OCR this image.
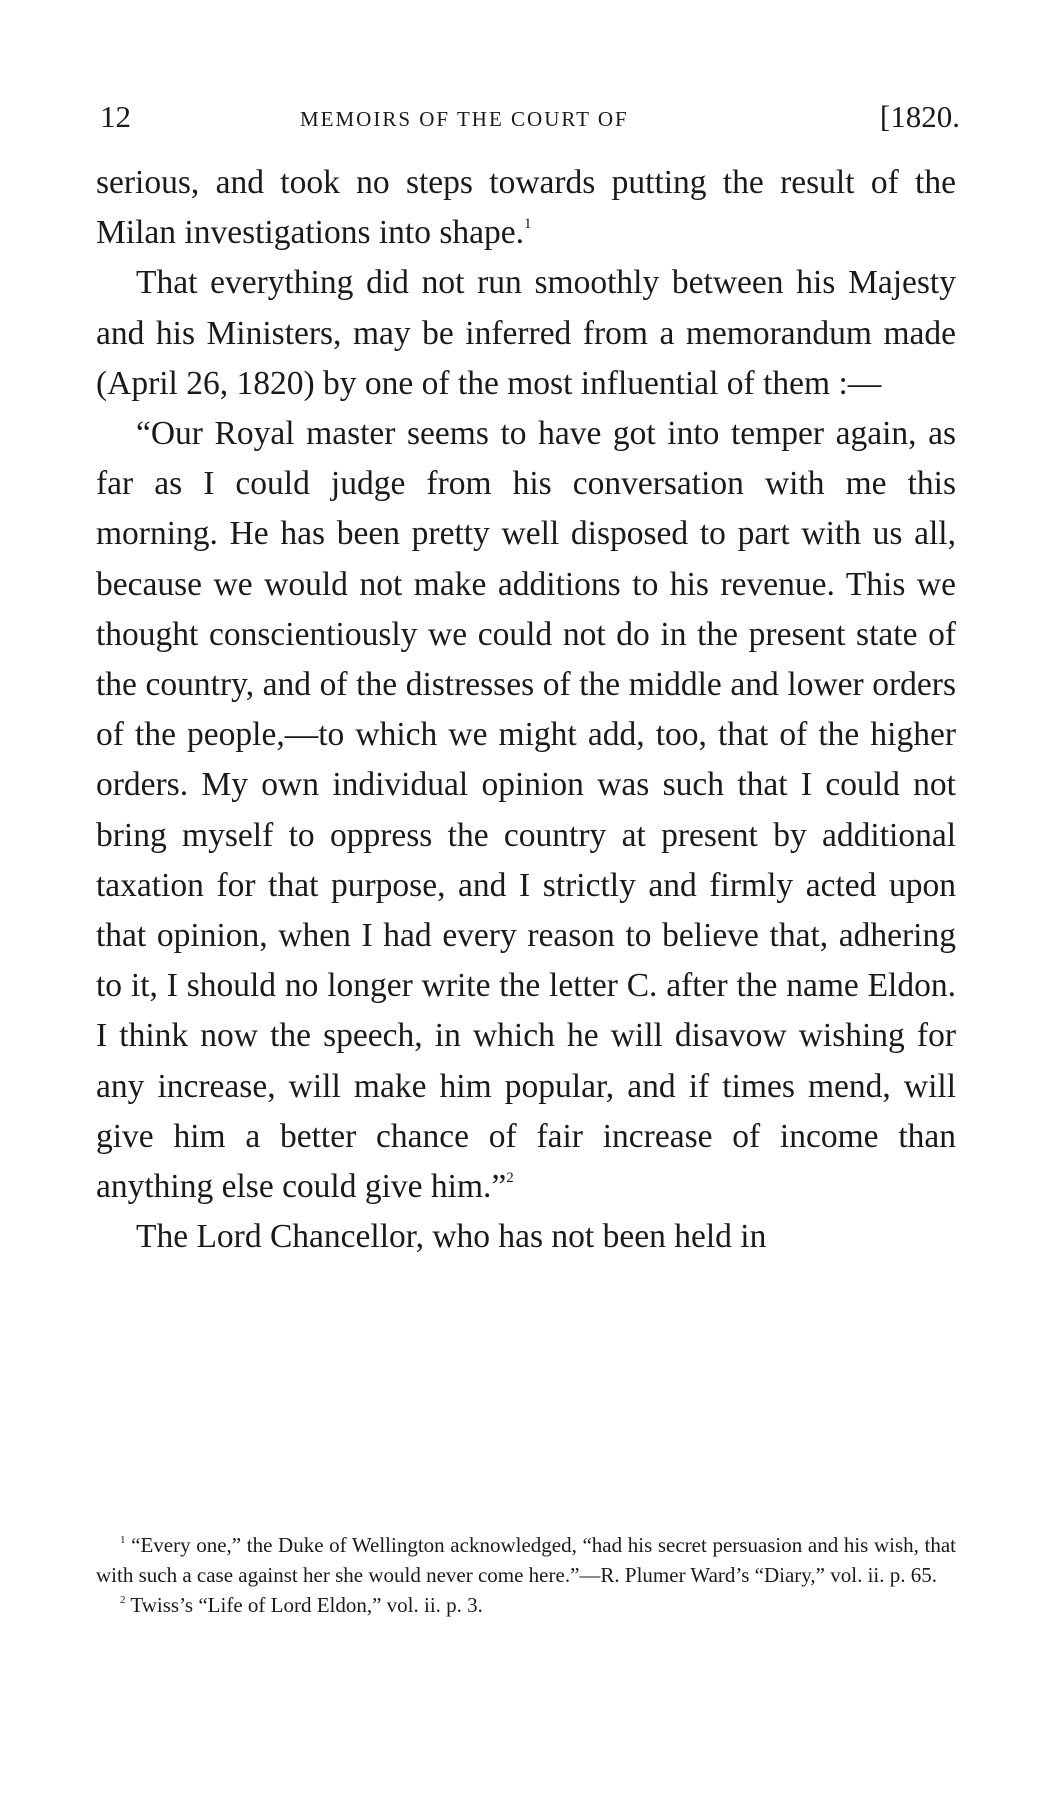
12	MEMOIRS OF THE COURT OF	[1820.

serious, and took no steps towards putting the result of the Milan investigations into shape.$^1$

That everything did not run smoothly between his Majesty and his Ministers, may be inferred from a memorandum made (April 26, 1820) by one of the most influential of them :—

“Our Royal master seems to have got into temper again, as far as I could judge from his conversation with me this morning. He has been pretty well disposed to part with us all, because we would not make additions to his revenue. This we thought conscientiously we could not do in the present state of the country, and of the distresses of the middle and lower orders of the people,—to which we might add, too, that of the higher orders. My own individual opinion was such that I could not bring myself to oppress the country at present by additional taxation for that purpose, and I strictly and firmly acted upon that opinion, when I had every reason to believe that, adhering to it, I should no longer write the letter C. after the name Eldon. I think now the speech, in which he will disavow wishing for any increase, will make him popular, and if times mend, will give him a better chance of fair increase of income than anything else could give him.”$^2$

The Lord Chancellor, who has not been held in

$^1$ “Every one,” the Duke of Wellington acknowledged, “had his secret persuasion and his wish, that with such a case against her she would never come here.”—R. Plumer Ward’s “Diary,” vol. ii. p. 65.

$^2$ Twiss’s “Life of Lord Eldon,” vol. ii. p. 3.
